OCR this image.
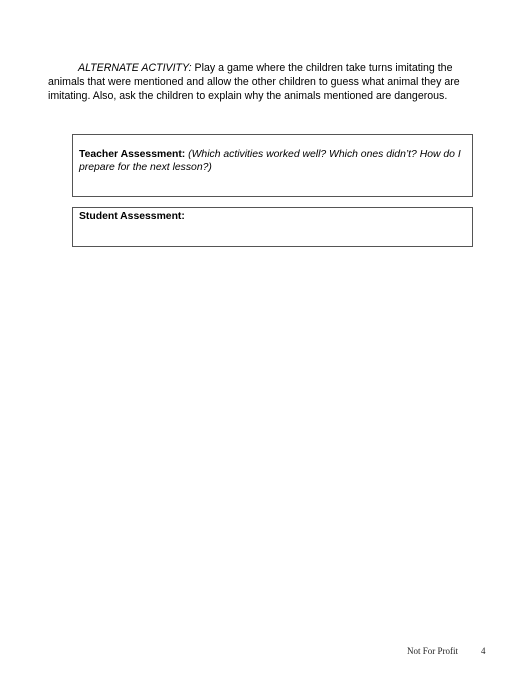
ALTERNATE ACTIVITY: Play a game where the children take turns imitating the animals that were mentioned and allow the other children to guess what animal they are imitating. Also, ask the children to explain why the animals mentioned are dangerous.

Teacher Assessment: (Which activities worked well? Which ones didn’t? How do I prepare for the next lesson?)
Student Assessment:
Not For Profit	4
